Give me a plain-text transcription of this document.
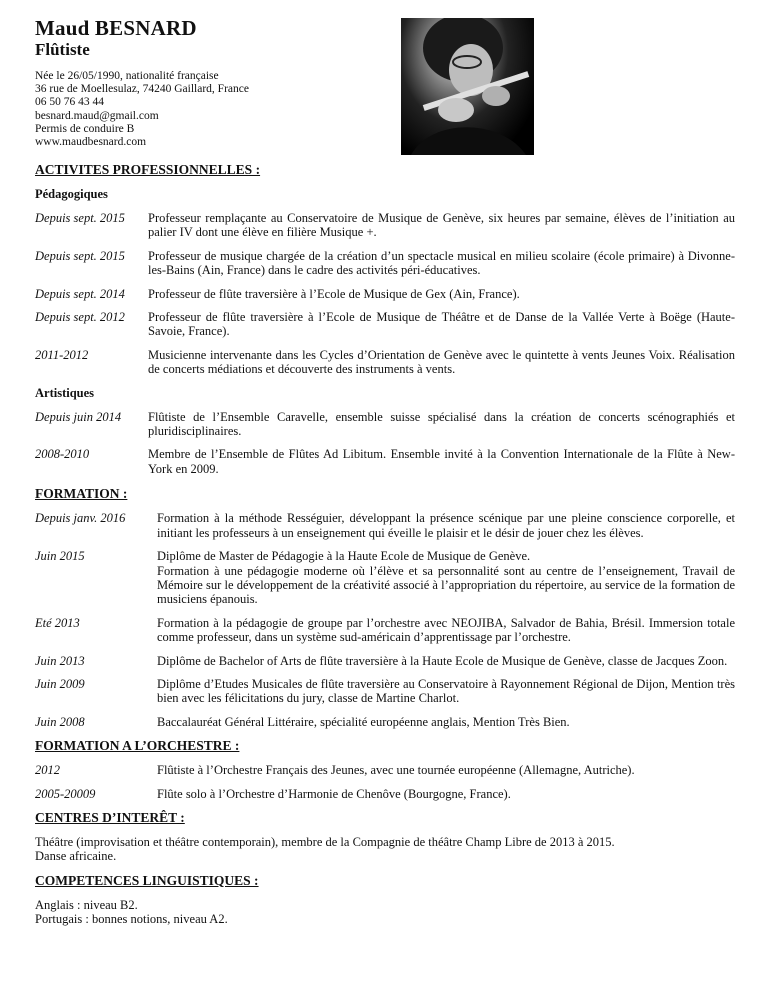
Maud BESNARD
Flûtiste
Née le 26/05/1990, nationalité française
36 rue de Moellesulaz, 74240 Gaillard, France
06 50 76 43 44
besnard.maud@gmail.com
Permis de conduire B
www.maudbesnard.com
ACTIVITES PROFESSIONNELLES :
Pédagogiques
Depuis sept. 2015	Professeur remplaçante au Conservatoire de Musique de Genève, six heures par semaine, élèves de l’initiation au palier IV dont une élève en filière Musique +.
Depuis sept. 2015	Professeur de musique chargée de la création d’un spectacle musical en milieu scolaire (école primaire) à Divonne-les-Bains (Ain, France) dans le cadre des activités péri-éducatives.
Depuis sept. 2014	Professeur de flûte traversière à l’Ecole de Musique de Gex (Ain, France).
Depuis sept. 2012	Professeur de flûte traversière à l’Ecole de Musique de Théâtre et de Danse de la Vallée Verte à Boëge (Haute-Savoie, France).
2011-2012	Musicienne intervenante dans les Cycles d’Orientation de Genève avec le quintette à vents Jeunes Voix. Réalisation de concerts médiations et découverte des instruments à vents.
Artistiques
Depuis juin 2014	Flûtiste de l’Ensemble Caravelle, ensemble suisse spécialisé dans la création de concerts scénographiés et pluridisciplinaires.
2008-2010	Membre de l’Ensemble de Flûtes Ad Libitum. Ensemble invité à la Convention Internationale de la Flûte à New-York en 2009.
FORMATION :
Depuis janv. 2016	Formation à la méthode Rességuier, développant la présence scénique par une pleine conscience corporelle, et initiant les professeurs à un enseignement qui éveille le plaisir et le désir de jouer chez les élèves.
Juin 2015	Diplôme de Master de Pédagogie à la Haute Ecole de Musique de Genève.
Formation à une pédagogie moderne où l’élève et sa personnalité sont au centre de l’enseignement, Travail de Mémoire sur le développement de la créativité associé à l’appropriation du répertoire, au service de la formation de musiciens épanouis.
Eté 2013	Formation à la pédagogie de groupe par l’orchestre avec NEOJIBA, Salvador de Bahia, Brésil. Immersion totale comme professeur, dans un système sud-américain d’apprentissage par l’orchestre.
Juin 2013	Diplôme de Bachelor of Arts de flûte traversière à la Haute Ecole de Musique de Genève, classe de Jacques Zoon.
Juin 2009	Diplôme d’Etudes Musicales de flûte traversière au Conservatoire à Rayonnement Régional de Dijon, Mention très bien avec les félicitations du jury, classe de Martine Charlot.
Juin 2008	Baccalauréat Général Littéraire, spécialité européenne anglais, Mention Très Bien.
FORMATION A L’ORCHESTRE :
2012	Flûtiste à l’Orchestre Français des Jeunes, avec une tournée européenne (Allemagne, Autriche).
2005-20009	Flûte solo à l’Orchestre d’Harmonie de Chenôve (Bourgogne, France).
CENTRES D’INTERÊT :
Théâtre (improvisation et théâtre contemporain), membre de la Compagnie de théâtre Champ Libre de 2013 à 2015.
Danse africaine.
COMPETENCES LINGUISTIQUES :
Anglais : niveau B2.
Portugais : bonnes notions, niveau A2.
